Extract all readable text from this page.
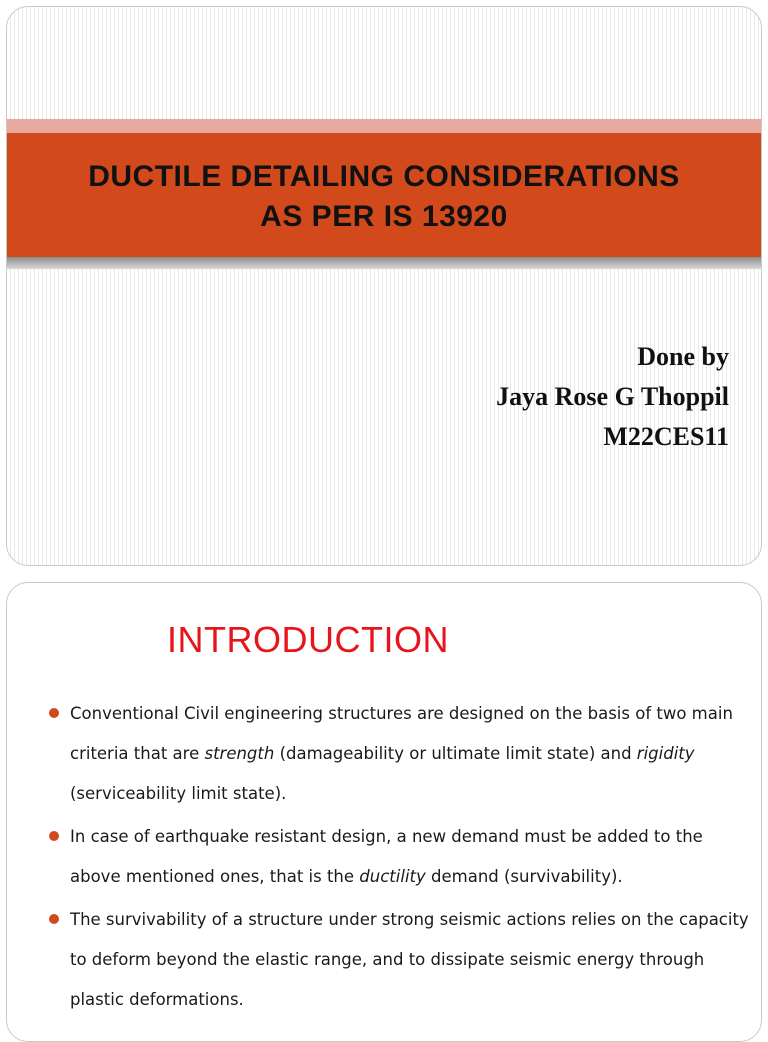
DUCTILE DETAILING CONSIDERATIONS
AS PER IS 13920
Done by
Jaya Rose G Thoppil
M22CES11
INTRODUCTION
Conventional Civil engineering structures are designed on the basis of two main criteria that are strength (damageability or ultimate limit state) and rigidity (serviceability limit state).
In case of earthquake resistant design, a new demand must be added to the above mentioned ones, that is the ductility demand (survivability).
The survivability of a structure under strong seismic actions relies on the capacity to deform beyond the elastic range, and to dissipate seismic energy through plastic deformations.
